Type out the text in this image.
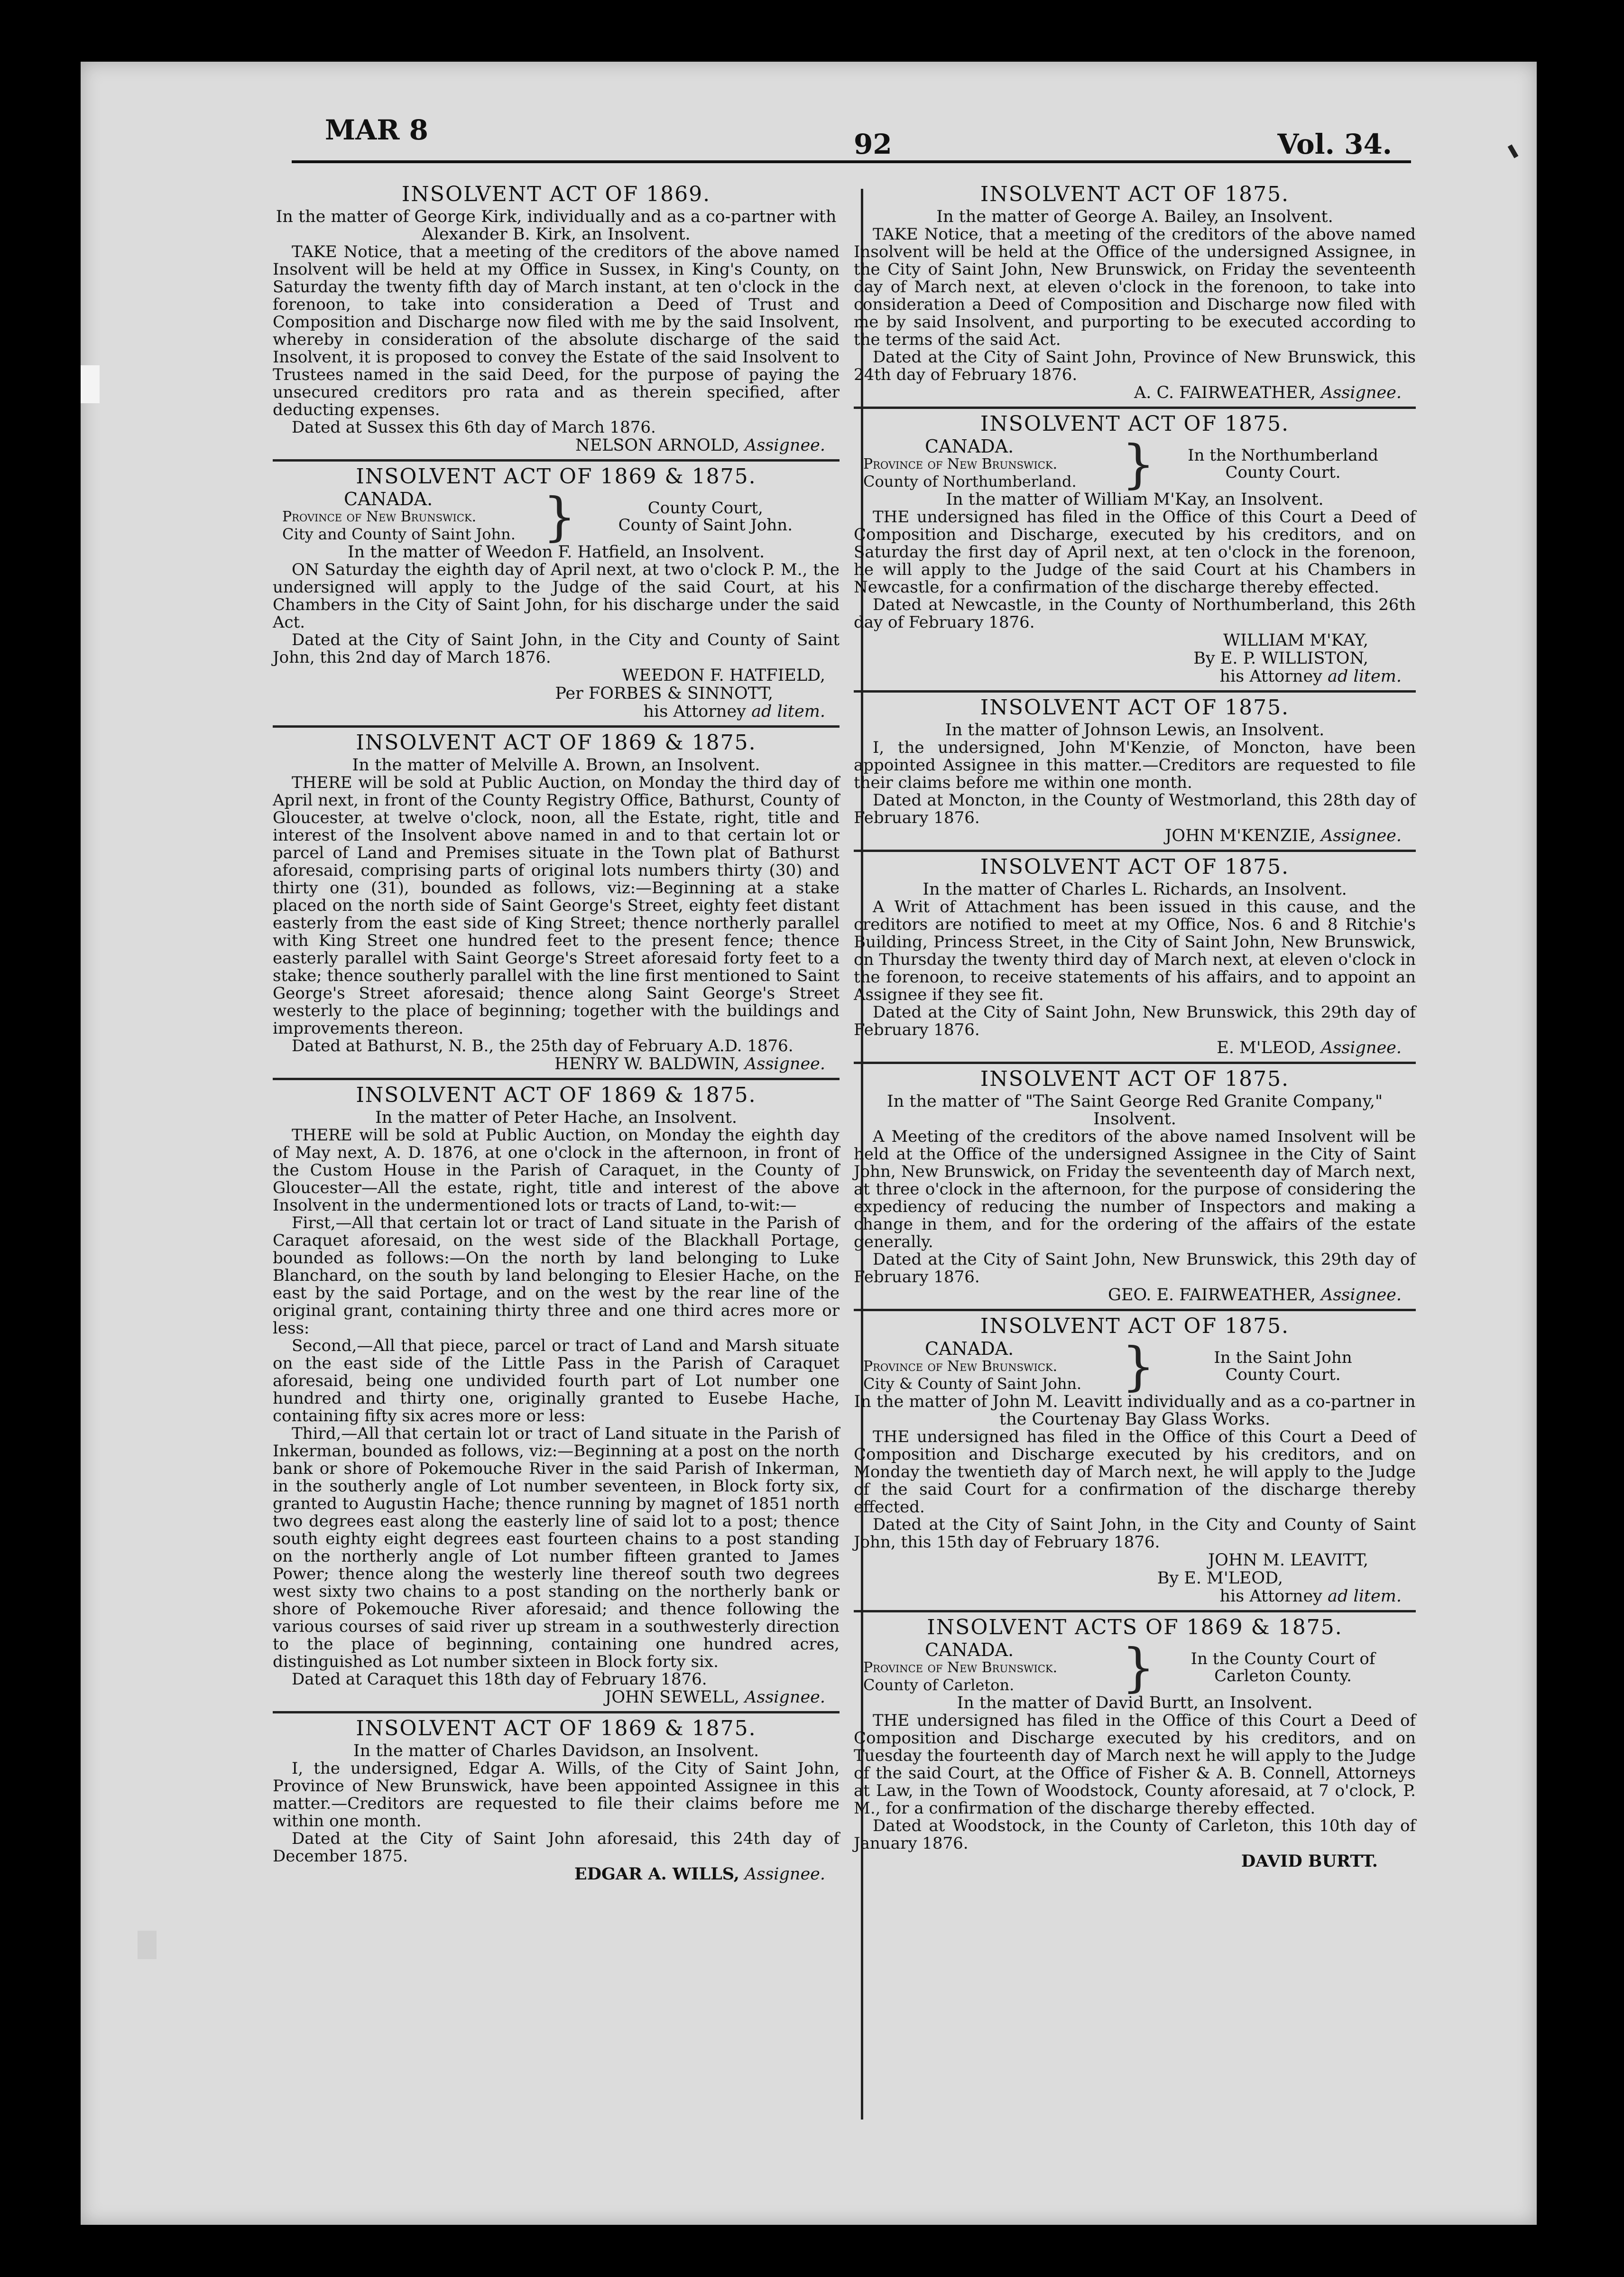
MAR 8	92	Vol. 34.
INSOLVENT ACT OF 1869.

In the matter of George Kirk, individually and as a co-partner with Alexander B. Kirk, an Insolvent.

TAKE Notice, that a meeting of the creditors of the above named Insolvent will be held at my Office in Sussex, in King's County, on Saturday the twenty fifth day of March instant, at ten o'clock in the forenoon, to take into consideration a Deed of Trust and Composition and Discharge now filed with me by the said Insolvent, whereby in consideration of the absolute discharge of the said Insolvent, it is proposed to convey the Estate of the said Insolvent to Trustees named in the said Deed, for the purpose of paying the unsecured creditors pro rata and as therein specified, after deducting expenses.

Dated at Sussex this 6th day of March 1876.

NELSON ARNOLD, Assignee.
INSOLVENT ACT OF 1869 & 1875.
CANADA.
Province of New Brunswick.
City and County of Saint John. }	County Court,
County of Saint John.

In the matter of Weedon F. Hatfield, an Insolvent.

ON Saturday the eighth day of April next, at two o'clock P. M., the undersigned will apply to the Judge of the said Court, at his Chambers in the City of Saint John, for his discharge under the said Act.

Dated at the City of Saint John, in the City and County of Saint John, this 2nd day of March 1876.

WEEDON F. HATFIELD,
Per FORBES & SINNOTT,
his Attorney ad litem.
INSOLVENT ACT OF 1869 & 1875.

In the matter of Melville A. Brown, an Insolvent.

THERE will be sold at Public Auction, on Monday the third day of April next, in front of the County Registry Office, Bathurst, County of Gloucester, at twelve o'clock, noon, all the Estate, right, title and interest of the Insolvent above named in and to that certain lot or parcel of Land and Premises situate in the Town plat of Bathurst aforesaid, comprising parts of original lots numbers thirty (30) and thirty one (31), bounded as follows, viz:—Beginning at a stake placed on the north side of Saint George's Street, eighty feet distant easterly from the east side of King Street; thence northerly parallel with King Street one hundred feet to the present fence; thence easterly parallel with Saint George's Street aforesaid forty feet to a stake; thence southerly parallel with the line first mentioned to Saint George's Street aforesaid; thence along Saint George's Street westerly to the place of beginning; together with the buildings and improvements thereon.

Dated at Bathurst, N. B., the 25th day of February A.D. 1876.

HENRY W. BALDWIN, Assignee.
INSOLVENT ACT OF 1869 & 1875.

In the matter of Peter Hache, an Insolvent.

THERE will be sold at Public Auction, on Monday the eighth day of May next, A. D. 1876, at one o'clock in the afternoon, in front of the Custom House in the Parish of Caraquet, in the County of Gloucester—All the estate, right, title and interest of the above Insolvent in the undermentioned lots or tracts of Land, to-wit:—

First,—All that certain lot or tract of Land situate in the Parish of Caraquet aforesaid, on the west side of the Blackhall Portage, bounded as follows:—On the north by land belonging to Luke Blanchard, on the south by land belonging to Elesier Hache, on the east by the said Portage, and on the west by the rear line of the original grant, containing thirty three and one third acres more or less:

Second,—All that piece, parcel or tract of Land and Marsh situate on the east side of the Little Pass in the Parish of Caraquet aforesaid, being one undivided fourth part of Lot number one hundred and thirty one, originally granted to Eusebe Hache, containing fifty six acres more or less:

Third,—All that certain lot or tract of Land situate in the Parish of Inkerman, bounded as follows, viz:—Beginning at a post on the north bank or shore of Pokemouche River in the said Parish of Inkerman, in the southerly angle of Lot number seventeen, in Block forty six, granted to Augustin Hache; thence running by magnet of 1851 north two degrees east along the easterly line of said lot to a post; thence south eighty eight degrees east fourteen chains to a post standing on the northerly angle of Lot number fifteen granted to James Power; thence along the westerly line thereof south two degrees west sixty two chains to a post standing on the northerly bank or shore of Pokemouche River aforesaid; and thence following the various courses of said river up stream in a southwesterly direction to the place of beginning, containing one hundred acres, distinguished as Lot number sixteen in Block forty six.

Dated at Caraquet this 18th day of February 1876.

JOHN SEWELL, Assignee.
INSOLVENT ACT OF 1869 & 1875.

In the matter of Charles Davidson, an Insolvent.

I, the undersigned, Edgar A. Wills, of the City of Saint John, Province of New Brunswick, have been appointed Assignee in this matter.—Creditors are requested to file their claims before me within one month.

Dated at the City of Saint John aforesaid, this 24th day of December 1875.

EDGAR A. WILLS, Assignee.
INSOLVENT ACT OF 1875.

In the matter of George A. Bailey, an Insolvent.

TAKE Notice, that a meeting of the creditors of the above named Insolvent will be held at the Office of the undersigned Assignee, in the City of Saint John, New Brunswick, on Friday the seventeenth day of March next, at eleven o'clock in the forenoon, to take into consideration a Deed of Composition and Discharge now filed with me by said Insolvent, and purporting to be executed according to the terms of the said Act.

Dated at the City of Saint John, Province of New Brunswick, this 24th day of February 1876.

A. C. FAIRWEATHER, Assignee.
INSOLVENT ACT OF 1875.
CANADA.
Province of New Brunswick.
County of Northumberland. }	In the Northumberland
County Court.

In the matter of William M'Kay, an Insolvent.

THE undersigned has filed in the Office of this Court a Deed of Composition and Discharge, executed by his creditors, and on Saturday the first day of April next, at ten o'clock in the forenoon, he will apply to the Judge of the said Court at his Chambers in Newcastle, for a confirmation of the discharge thereby effected.

Dated at Newcastle, in the County of Northumberland, this 26th day of February 1876.

WILLIAM M'KAY,
By E. P. WILLISTON,
his Attorney ad litem.
INSOLVENT ACT OF 1875.

In the matter of Johnson Lewis, an Insolvent.

I, the undersigned, John M'Kenzie, of Moncton, have been appointed Assignee in this matter.—Creditors are requested to file their claims before me within one month.

Dated at Moncton, in the County of Westmorland, this 28th day of February 1876.

JOHN M'KENZIE, Assignee.
INSOLVENT ACT OF 1875.

In the matter of Charles L. Richards, an Insolvent.

A Writ of Attachment has been issued in this cause, and the creditors are notified to meet at my Office, Nos. 6 and 8 Ritchie's Building, Princess Street, in the City of Saint John, New Brunswick, on Thursday the twenty third day of March next, at eleven o'clock in the forenoon, to receive statements of his affairs, and to appoint an Assignee if they see fit.

Dated at the City of Saint John, New Brunswick, this 29th day of February 1876.

E. M'LEOD, Assignee.
INSOLVENT ACT OF 1875.

In the matter of "The Saint George Red Granite Company," Insolvent.

A Meeting of the creditors of the above named Insolvent will be held at the Office of the undersigned Assignee in the City of Saint John, New Brunswick, on Friday the seventeenth day of March next, at three o'clock in the afternoon, for the purpose of considering the expediency of reducing the number of Inspectors and making a change in them, and for the ordering of the affairs of the estate generally.

Dated at the City of Saint John, New Brunswick, this 29th day of February 1876.

GEO. E. FAIRWEATHER, Assignee.
INSOLVENT ACT OF 1875.
CANADA.
Province of New Brunswick.
City & County of Saint John. }	In the Saint John
County Court.

In the matter of John M. Leavitt individually and as a co-partner in the Courtenay Bay Glass Works.

THE undersigned has filed in the Office of this Court a Deed of Composition and Discharge executed by his creditors, and on Monday the twentieth day of March next, he will apply to the Judge of the said Court for a confirmation of the discharge thereby effected.

Dated at the City of Saint John, in the City and County of Saint John, this 15th day of February 1876.

JOHN M. LEAVITT,
By E. M'LEOD,
his Attorney ad litem.
INSOLVENT ACTS OF 1869 & 1875.
CANADA.
Province of New Brunswick.
County of Carleton.	}	In the County Court of
Carleton County.

In the matter of David Burtt, an Insolvent.

THE undersigned has filed in the Office of this Court a Deed of Composition and Discharge executed by his creditors, and on Tuesday the fourteenth day of March next he will apply to the Judge of the said Court, at the Office of Fisher & A. B. Connell, Attorneys at Law, in the Town of Woodstock, County aforesaid, at 7 o'clock, P. M., for a confirmation of the discharge thereby effected.

Dated at Woodstock, in the County of Carleton, this 10th day of January 1876.

DAVID BURTT.
